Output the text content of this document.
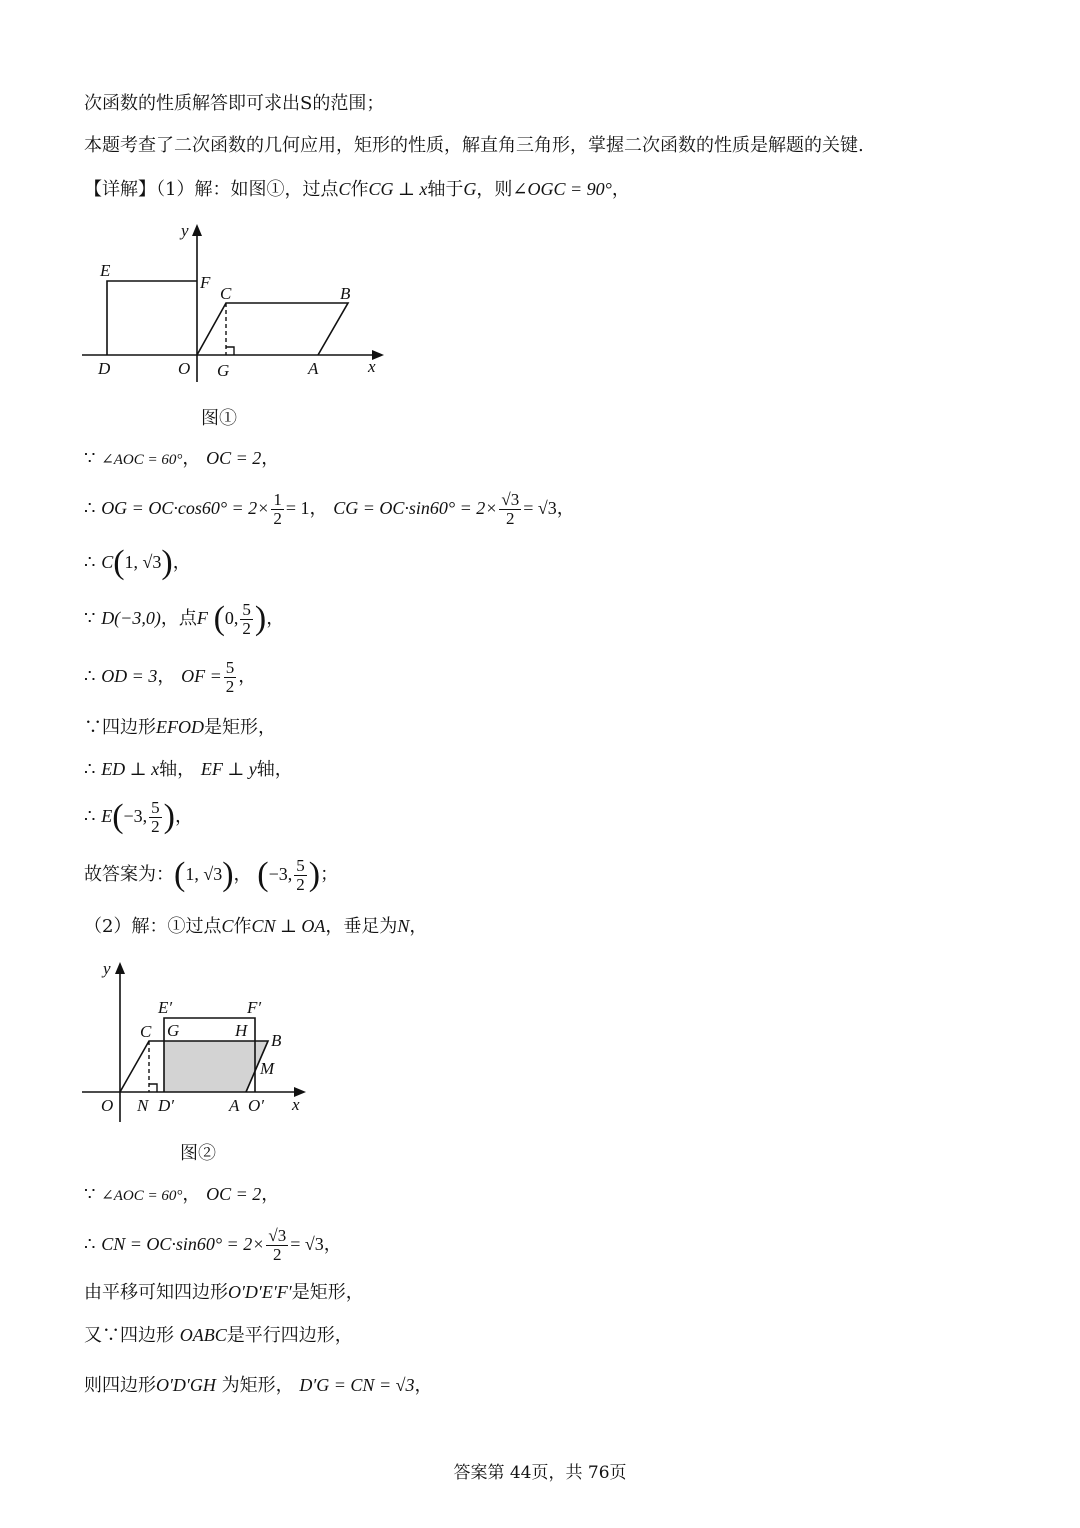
次函数的性质解答即可求出S的范围；
本题考查了二次函数的几何应用，矩形的性质，解直角三角形，掌握二次函数的性质是解题的关键.
【详解】（1）解：如图①，过点C作CG ⊥ x轴于G，则∠OGC = 90°，
y
x
E
F
C	B
D	O G	A
图①
∵ ∠AOC = 60°， OC = 2，
∴ OG = $OC\cdot\cos 60^\circ = 2\times \frac{1}{2} = 1$， CG = $OC\cdot\sin 60^\circ = 2\times \frac{√3}{2} = √3$，
∴ C(1, √3)，
∵ D(−3,0)，点F (0, $\frac{5}{2}$ )，
∴ OD = 3， OF = $\frac{5}{2}$ ，
∵四边形EFOD是矩形，
∴ ED ⊥ x轴， EF ⊥ y轴，
∴ E(−3, $\frac{5}{2}$ )，
故答案为：(1, √3)， (−3, $\frac{5}{2}$ )；
（2）解：①过点C作CN ⊥ OA，垂足为N，
y
x
E′	F′
C G	H
B
M
O N D′	A O′
图②
∵ ∠AOC = 60°， OC = 2，
∴ CN = $OC\cdot\sin 60^\circ = 2\times \frac{√3}{2} = √3$，
由平移可知四边形O′D′E′F′是矩形，
又∵四边形 OABC是平行四边形，
则四边形O′D′GH 为矩形， D′G = CN = √3，
答案第 44页，共 76页
